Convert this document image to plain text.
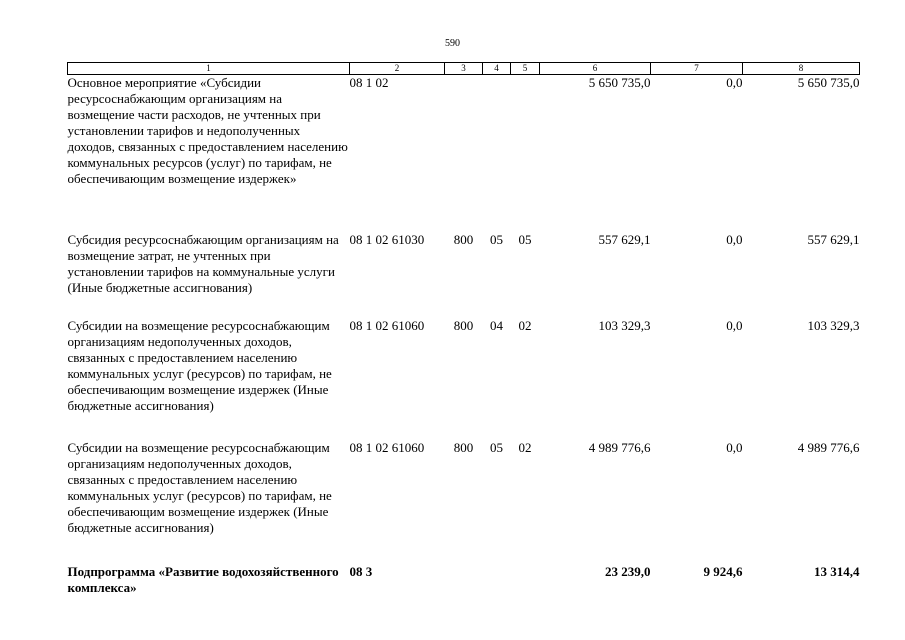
590
1	2	3	4	5	6	7	8
Основное мероприятие «Субсидии ресурсоснабжающим организациям на возмещение части расходов, не учтенных при установлении тарифов и недополученных доходов, связанных с предоставлением населению коммунальных ресурсов (услуг) по тарифам, не обеспечивающим возмещение издержек»	08 1 02				5 650 735,0	0,0	5 650 735,0
Субсидия ресурсоснабжающим организациям на возмещение затрат, не учтенных при установлении тарифов на коммунальные услуги (Иные бюджетные ассигнования)	08 1 02 61030	800	05	05	557 629,1	0,0	557 629,1
Субсидии на возмещение ресурсоснабжающим организациям недополученных доходов, связанных с предоставлением населению коммунальных услуг (ресурсов) по тарифам, не обеспечивающим возмещение издержек (Иные бюджетные ассигнования)	08 1 02 61060	800	04	02	103 329,3	0,0	103 329,3
Субсидии на возмещение ресурсоснабжающим организациям недополученных доходов, связанных с предоставлением населению коммунальных услуг (ресурсов) по тарифам, не обеспечивающим возмещение издержек (Иные бюджетные ассигнования)	08 1 02 61060	800	05	02	4 989 776,6	0,0	4 989 776,6
Подпрограмма «Развитие водохозяйственного комплекса»	08 3				23 239,0	9 924,6	13 314,4
